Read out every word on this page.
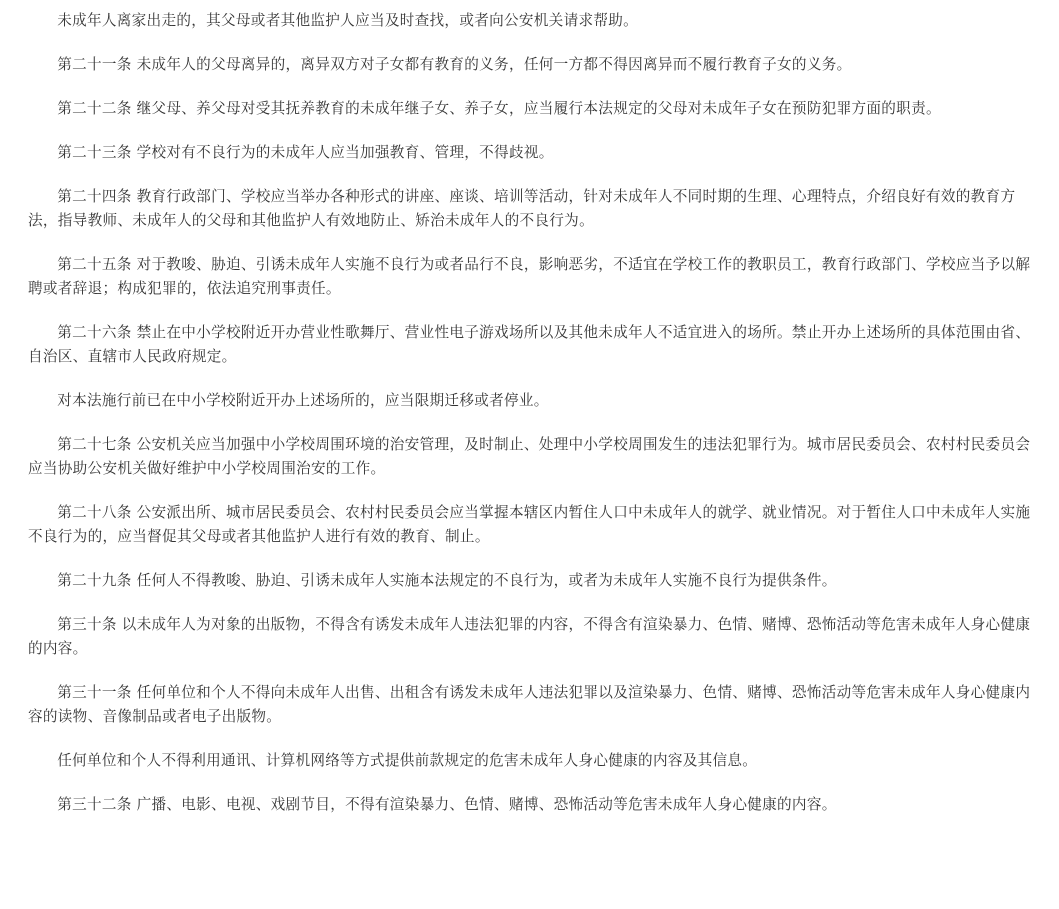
未成年人离家出走的，其父母或者其他监护人应当及时查找，或者向公安机关请求帮助。

第二十一条 未成年人的父母离异的，离异双方对子女都有教育的义务，任何一方都不得因离异而不履行教育子女的义务。

第二十二条 继父母、养父母对受其抚养教育的未成年继子女、养子女，应当履行本法规定的父母对未成年子女在预防犯罪方面的职责。

第二十三条 学校对有不良行为的未成年人应当加强教育、管理，不得歧视。

第二十四条 教育行政部门、学校应当举办各种形式的讲座、座谈、培训等活动，针对未成年人不同时期的生理、心理特点，介绍良好有效的教育方法，指导教师、未成年人的父母和其他监护人有效地防止、矫治未成年人的不良行为。

第二十五条 对于教唆、胁迫、引诱未成年人实施不良行为或者品行不良，影响恶劣，不适宜在学校工作的教职员工，教育行政部门、学校应当予以解聘或者辞退；构成犯罪的，依法追究刑事责任。

第二十六条 禁止在中小学校附近开办营业性歌舞厅、营业性电子游戏场所以及其他未成年人不适宜进入的场所。禁止开办上述场所的具体范围由省、自治区、直辖市人民政府规定。

对本法施行前已在中小学校附近开办上述场所的，应当限期迁移或者停业。

第二十七条 公安机关应当加强中小学校周围环境的治安管理，及时制止、处理中小学校周围发生的违法犯罪行为。城市居民委员会、农村村民委员会应当协助公安机关做好维护中小学校周围治安的工作。

第二十八条 公安派出所、城市居民委员会、农村村民委员会应当掌握本辖区内暂住人口中未成年人的就学、就业情况。对于暂住人口中未成年人实施不良行为的，应当督促其父母或者其他监护人进行有效的教育、制止。

第二十九条 任何人不得教唆、胁迫、引诱未成年人实施本法规定的不良行为，或者为未成年人实施不良行为提供条件。

第三十条 以未成年人为对象的出版物，不得含有诱发未成年人违法犯罪的内容，不得含有渲染暴力、色情、赌博、恐怖活动等危害未成年人身心健康的内容。

第三十一条 任何单位和个人不得向未成年人出售、出租含有诱发未成年人违法犯罪以及渲染暴力、色情、赌博、恐怖活动等危害未成年人身心健康内容的读物、音像制品或者电子出版物。

任何单位和个人不得利用通讯、计算机网络等方式提供前款规定的危害未成年人身心健康的内容及其信息。

第三十二条 广播、电影、电视、戏剧节目，不得有渲染暴力、色情、赌博、恐怖活动等危害未成年人身心健康的内容。
